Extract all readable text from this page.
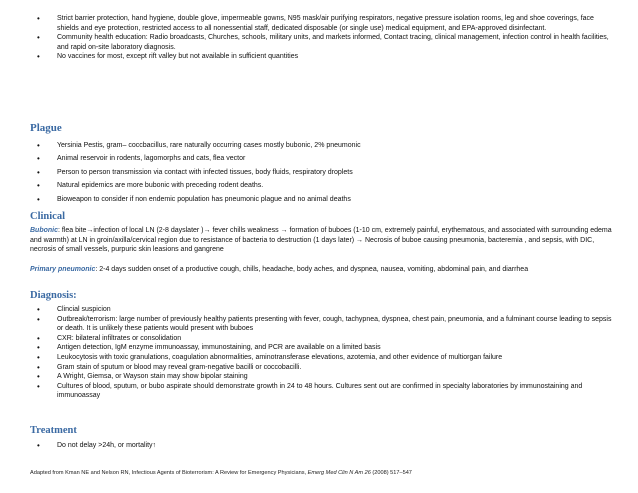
• Strict barrier protection, hand hygiene, double glove, impermeable gowns, N95 mask/air purifying respirators, negative pressure isolation rooms, leg and shoe coverings, face shields and eye protection, restricted access to all nonessential staff, dedicated disposable (or single use) medical equipment, and EPA-approved disinfectant.
• Community health education: Radio broadcasts, Churches, schools, military units, and markets informed, Contact tracing, clinical management, infection control in health facilities, and rapid on-site laboratory diagnosis.
• No vaccines for most, except rift valley but not available in sufficient quantities
Plague
• Yersinia Pestis, gram– coccbacillus, rare naturally occurring cases mostly bubonic, 2% pneumonic
• Animal reservoir in rodents, lagomorphs and cats, flea vector
• Person to person transmission via contact with infected tissues, body fluids, respiratory droplets
• Natural epidemics are more bubonic with preceding rodent deaths.
• Bioweapon to consider if non endemic population has pneumonic plague and no animal deaths
Clinical
Bubonic: flea bite→infection of local LN (2-8 dayslater )→ fever chills weakness → formation of buboes (1-10 cm, extremely painful, erythematous, and associated with surrounding edema and warmth) at LN in groin/axilla/cervical region due to resistance of bacteria to destruction (1 days later) → Necrosis of buboe causing pneumonia, bacteremia , and sepsis, with DIC, necrosis of small vessels, purpuric skin leasions and gangrene
Primary pneumonic: 2-4 days sudden onset of a productive cough, chills, headache, body aches, and dyspnea, nausea, vomiting, abdominal pain, and diarrhea
Diagnosis:
• Clincial suspicion
• Outbreak/terrorism: large number of previously healthy patients presenting with fever, cough, tachypnea, dyspnea, chest pain, pneumonia, and a fulminant course leading to sepsis or death. It is unlikely these patients would present with buboes
• CXR: bilateral infiltrates or consolidation
• Antigen detection, IgM enzyme immunoassay, immunostaining, and PCR are available on a limited basis
• Leukocytosis with toxic granulations, coagulation abnormalities, aminotransferase elevations, azotemia, and other evidence of multiorgan failure
• Gram stain of sputum or blood may reveal gram-negative bacilli or coccobacilli.
• A Wright, Giemsa, or Wayson stain may show bipolar staining
• Cultures of blood, sputum, or bubo aspirate should demonstrate growth in 24 to 48 hours. Cultures sent out are confirmed in specialty laboratories by immunostaining and immunoassay
Treatment
• Do not delay >24h, or mortality↑
Adapted from Kman NE and Nelson RN, Infectious Agents of Bioterrorism: A Review for Emergency Physicians, Emerg Med Clin N Am 26 (2008) 517–547
